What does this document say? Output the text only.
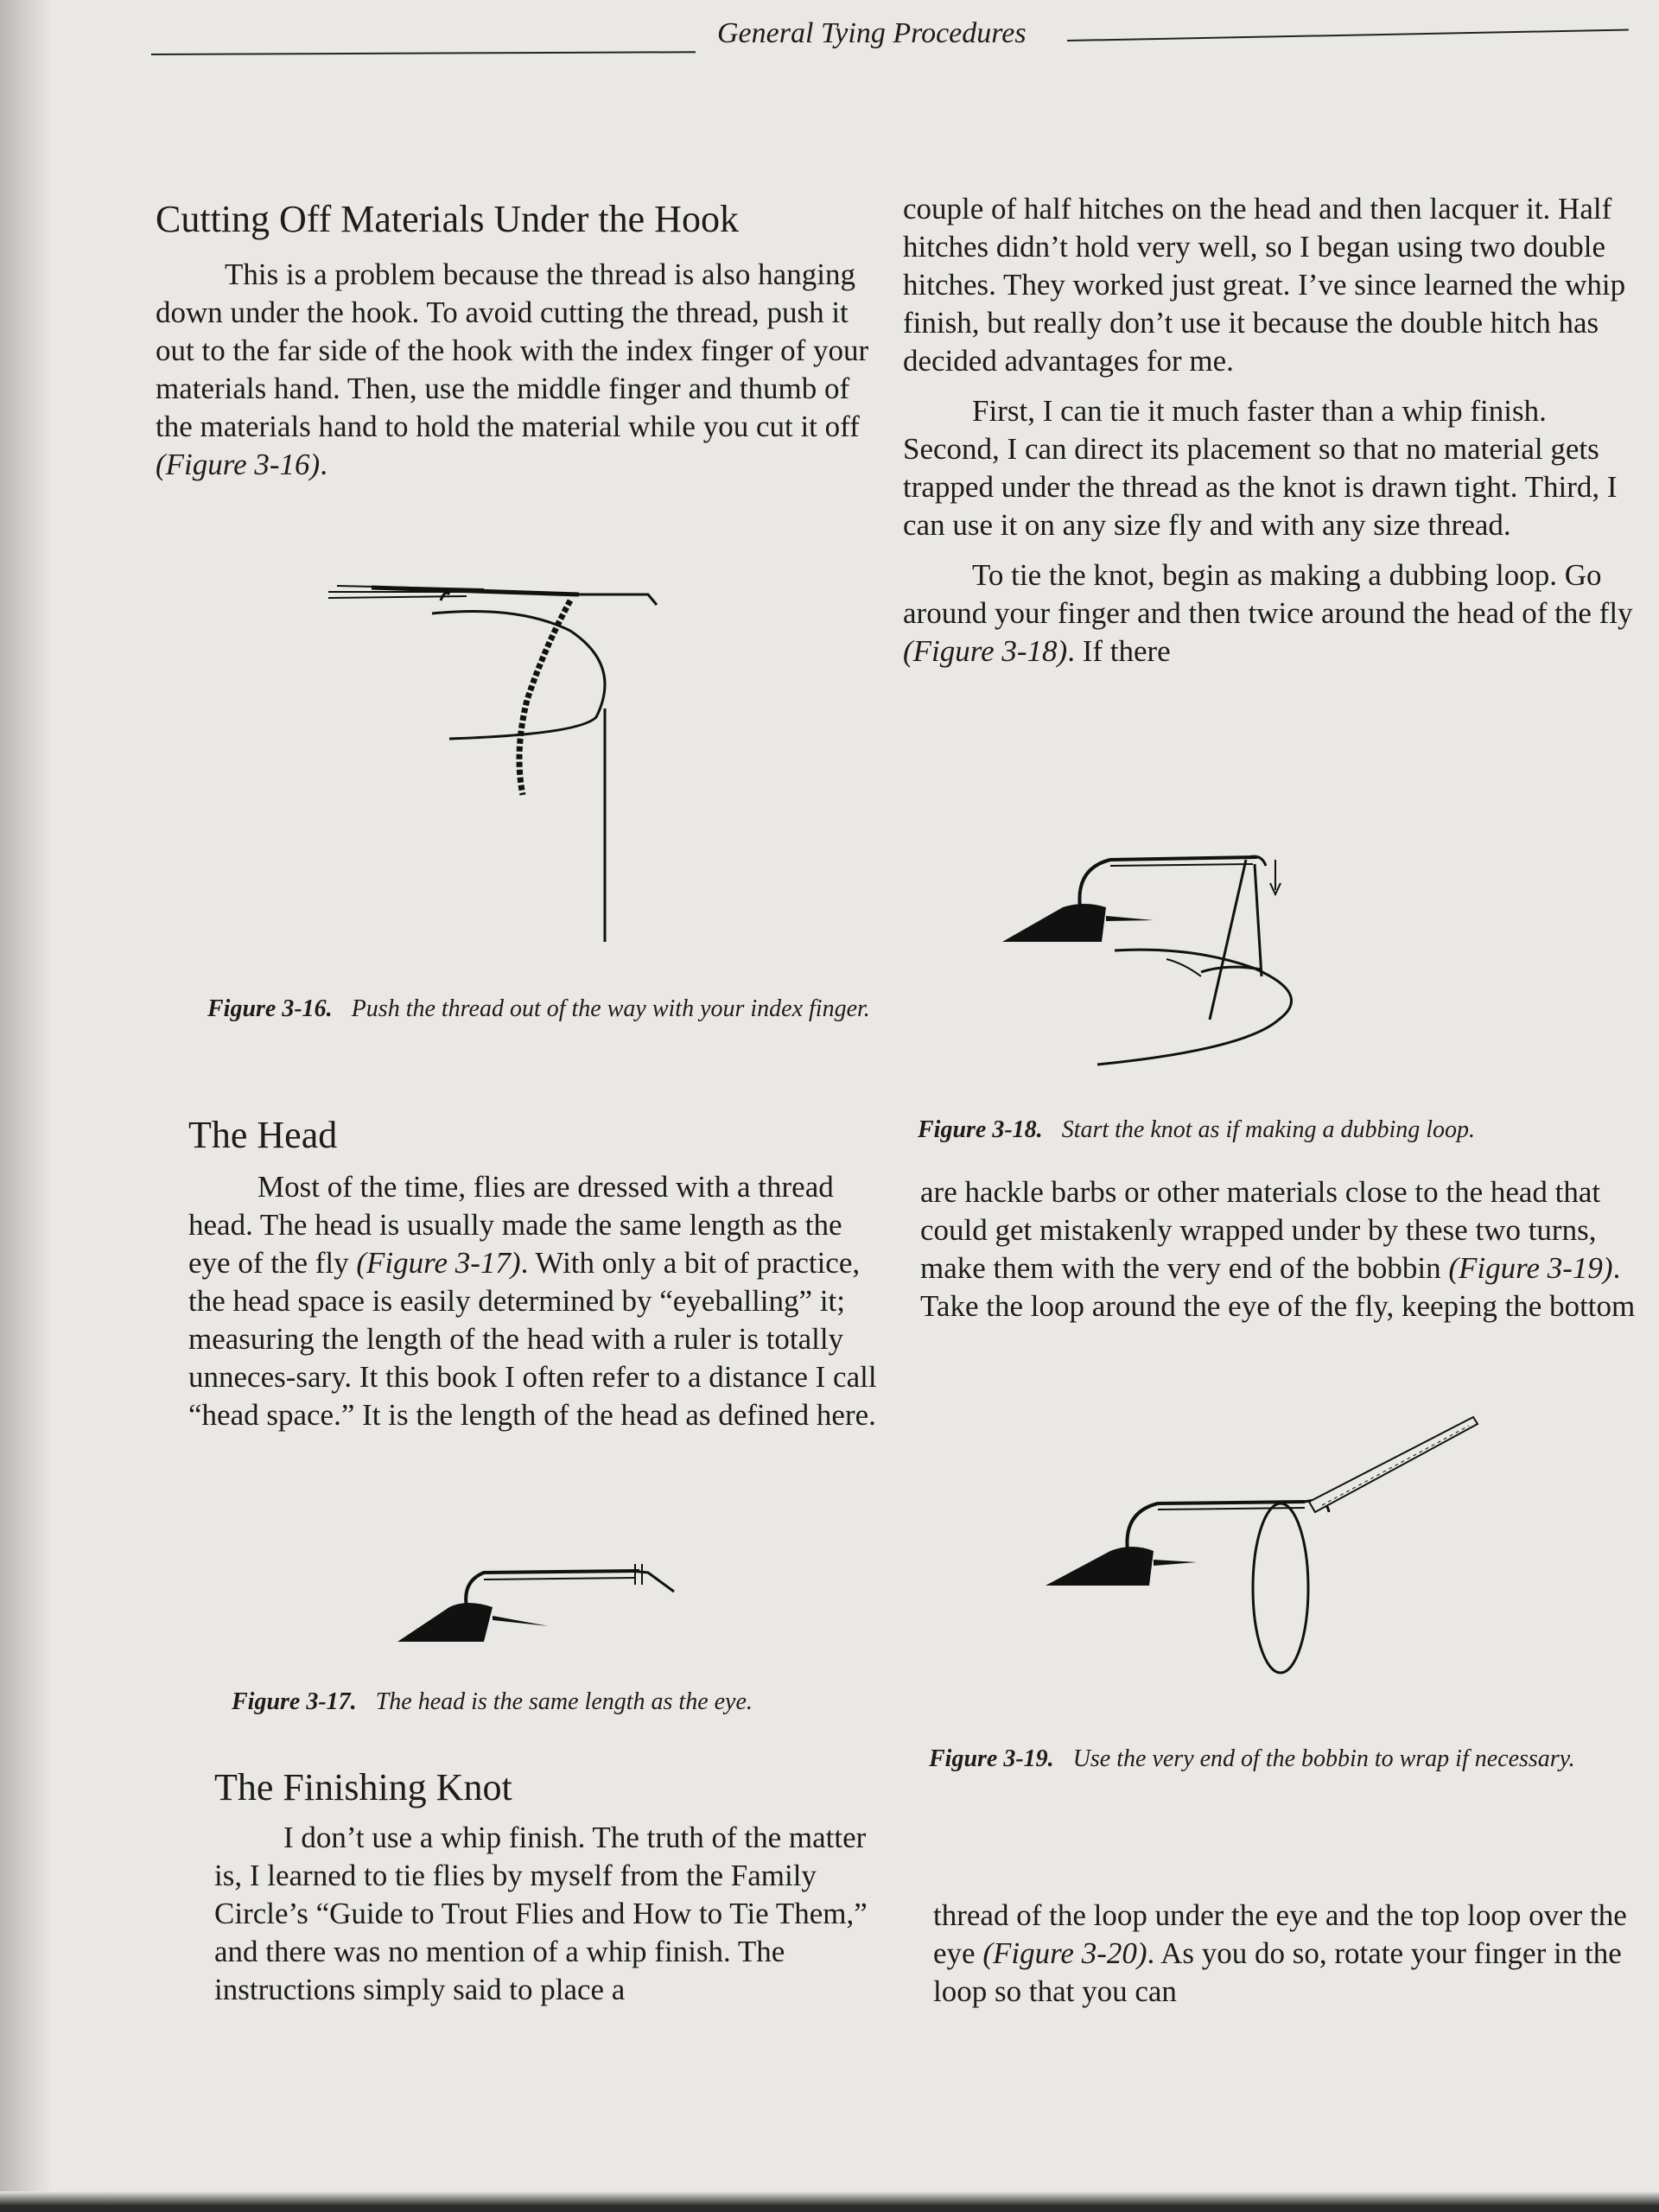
General Tying Procedures
Cutting Off Materials Under the Hook

This is a problem because the thread is also hanging down under the hook. To avoid cutting the thread, push it out to the far side of the hook with the index finger of your materials hand. Then, use the middle finger and thumb of the materials hand to hold the material while you cut it off (Figure 3-16).

Figure 3-16. Push the thread out of the way with your index finger.
The Head

Most of the time, flies are dressed with a thread head. The head is usually made the same length as the eye of the fly (Figure 3-17). With only a bit of practice, the head space is easily determined by “eyeballing” it; measuring the length of the head with a ruler is totally unneces-sary. It this book I often refer to a distance I call “head space.” It is the length of the head as defined here.

Figure 3-17. The head is the same length as the eye.
The Finishing Knot

I don’t use a whip finish. The truth of the matter is, I learned to tie flies by myself from the Family Circle’s “Guide to Trout Flies and How to Tie Them,” and there was no mention of a whip finish. The instructions simply said to place a

couple of half hitches on the head and then lacquer it. Half hitches didn’t hold very well, so I began using two double hitches. They worked just great. I’ve since learned the whip finish, but really don’t use it because the double hitch has decided advantages for me.

First, I can tie it much faster than a whip finish. Second, I can direct its placement so that no material gets trapped under the thread as the knot is drawn tight. Third, I can use it on any size fly and with any size thread.

To tie the knot, begin as making a dubbing loop. Go around your finger and then twice around the head of the fly (Figure 3-18). If there

Figure 3-18. Start the knot as if making a dubbing loop.

are hackle barbs or other materials close to the head that could get mistakenly wrapped under by these two turns, make them with the very end of the bobbin (Figure 3-19). Take the loop around the eye of the fly, keeping the bottom

Figure 3-19. Use the very end of the bobbin to wrap if necessary.

thread of the loop under the eye and the top loop over the eye (Figure 3-20). As you do so, rotate your finger in the loop so that you can
